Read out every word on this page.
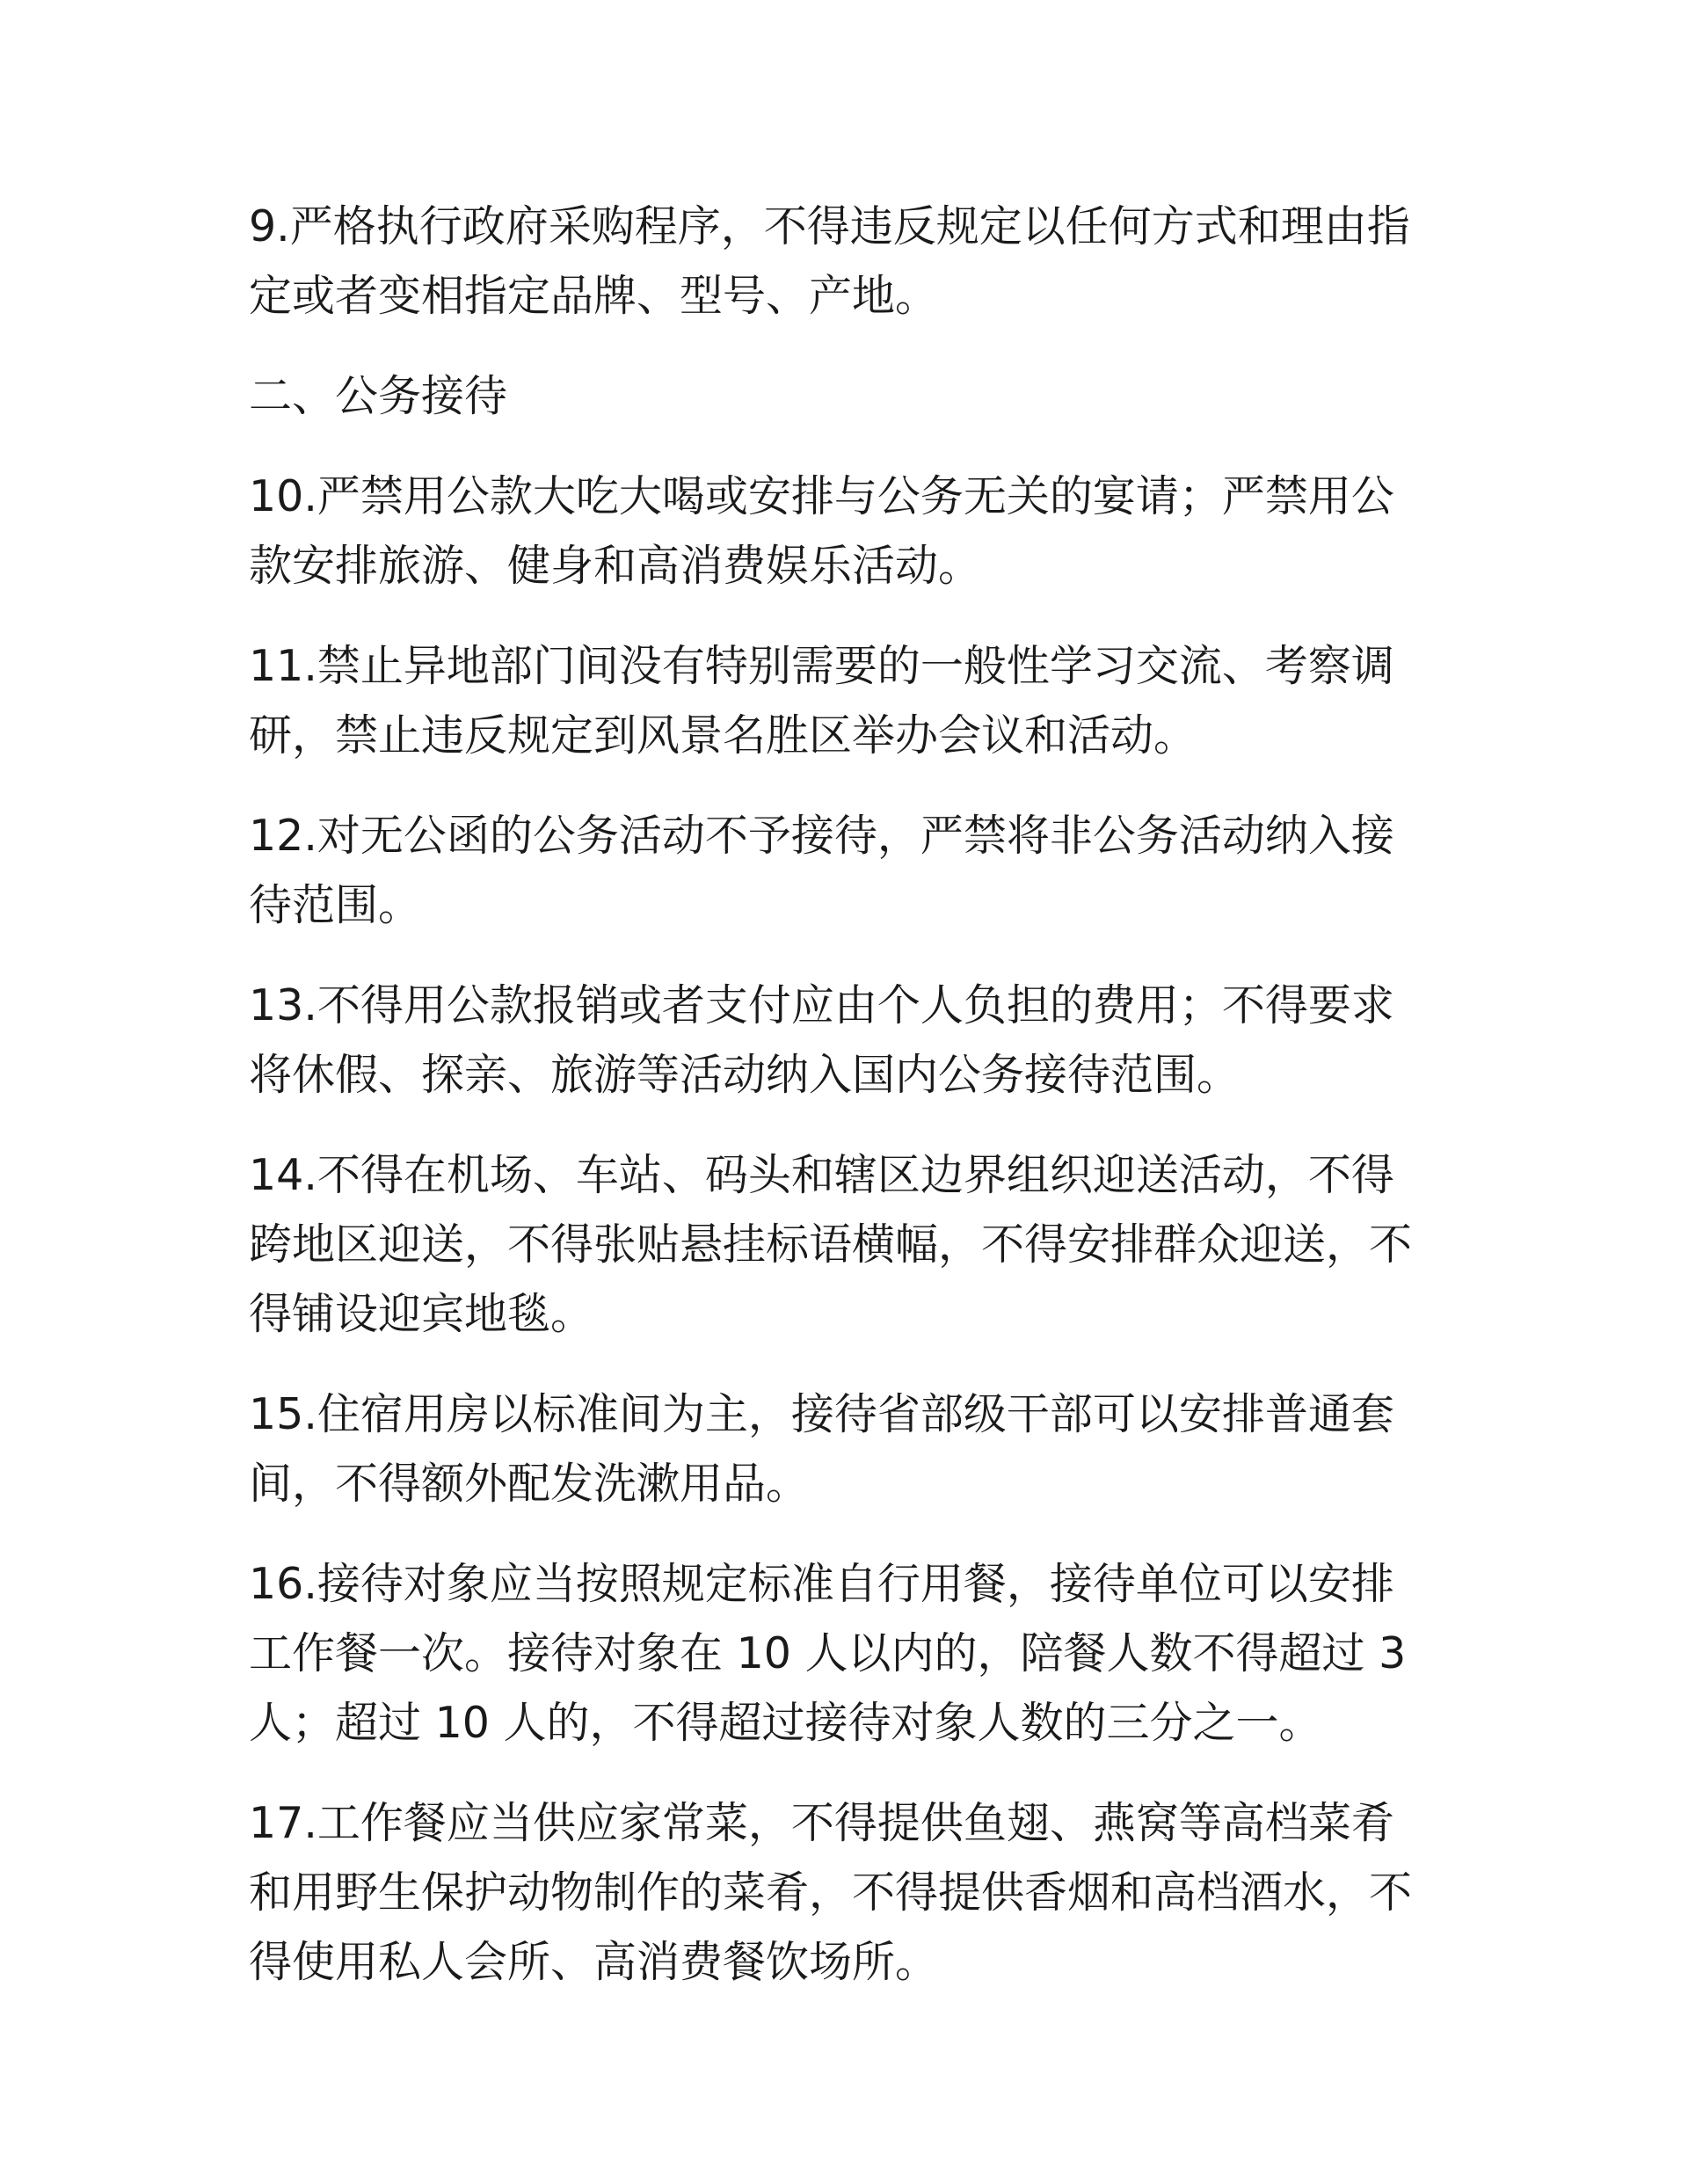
9.严格执行政府采购程序，不得违反规定以任何方式和理由指
定或者变相指定品牌、型号、产地。

二、公务接待

10.严禁用公款大吃大喝或安排与公务无关的宴请；严禁用公
款安排旅游、健身和高消费娱乐活动。

11.禁止异地部门间没有特别需要的一般性学习交流、考察调
研，禁止违反规定到风景名胜区举办会议和活动。

12.对无公函的公务活动不予接待，严禁将非公务活动纳入接
待范围。

13.不得用公款报销或者支付应由个人负担的费用；不得要求
将休假、探亲、旅游等活动纳入国内公务接待范围。

14.不得在机场、车站、码头和辖区边界组织迎送活动，不得
跨地区迎送，不得张贴悬挂标语横幅，不得安排群众迎送，不
得铺设迎宾地毯。

15.住宿用房以标准间为主，接待省部级干部可以安排普通套
间，不得额外配发洗漱用品。

16.接待对象应当按照规定标准自行用餐，接待单位可以安排
工作餐一次。接待对象在 10 人以内的，陪餐人数不得超过 3
人；超过 10 人的，不得超过接待对象人数的三分之一。

17.工作餐应当供应家常菜，不得提供鱼翅、燕窝等高档菜肴
和用野生保护动物制作的菜肴，不得提供香烟和高档酒水，不
得使用私人会所、高消费餐饮场所。
